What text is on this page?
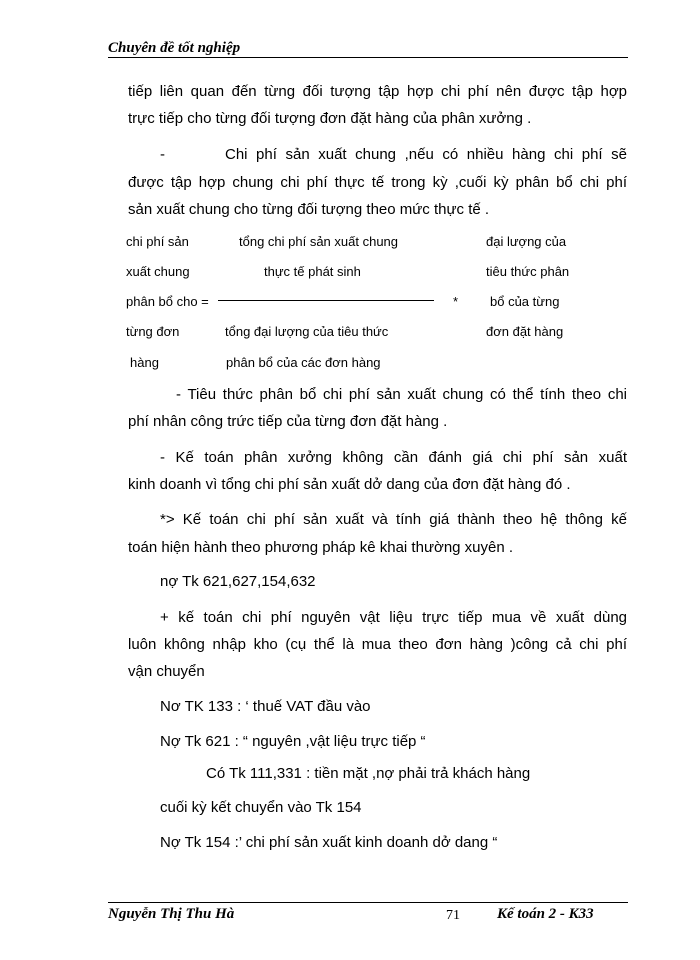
Chuyên đề tốt nghiệp
tiếp liên quan đến từng đối tượng tập hợp chi phí nên được tập hợp
trực tiếp cho từng đối tượng đơn đặt hàng của phân xưởng .
-       Chi phí sản xuất chung ,nếu có nhiều hàng chi phí sẽ
được tập hợp chung chi phí thực tế trong kỳ ,cuối kỳ phân bổ chi phí
sản xuất chung cho từng đối tượng theo mức thực tế .
chi phí sản
xuất chung
phân bổ cho =
từng đơn
hàng
tổng chi phí sản xuất chung
thực tế phát sinh
tổng đại lượng của tiêu thức
phân bổ của các đơn hàng
*
đại lượng của
tiêu thức phân
bổ của từng
đơn đặt hàng
- Tiêu thức phân bổ chi phí sản xuất chung có thể tính theo chi
phí nhân công trức tiếp của từng đơn đặt hàng .
- Kế toán phân xưởng không cần đánh giá chi phí sản xuất
kinh doanh vì tổng chi phí sản xuất dở dang của đơn đặt hàng đó .
*> Kế toán chi phí sản xuất và tính giá thành theo hệ thông kế
toán hiện hành theo phương pháp kê khai thường xuyên .
nợ Tk 621,627,154,632
+ kế toán chi phí nguyên vật liệu trực tiếp mua về xuất dùng
luôn không nhập kho (cụ thể là mua theo đơn hàng )công cả chi phí
vận chuyển
Nơ TK 133 : ‘ thuế VAT đầu vào
Nợ Tk 621 : “ nguyên ,vật liệu trực tiếp “
Có Tk 111,331 : tiền mặt ,nợ phải trả khách hàng
cuối kỳ kết chuyển vào Tk 154
Nợ Tk 154 :’ chi phí sản xuất kinh doanh dở dang “
Nguyễn Thị Thu Hà	71 Kế toán 2 - K33
